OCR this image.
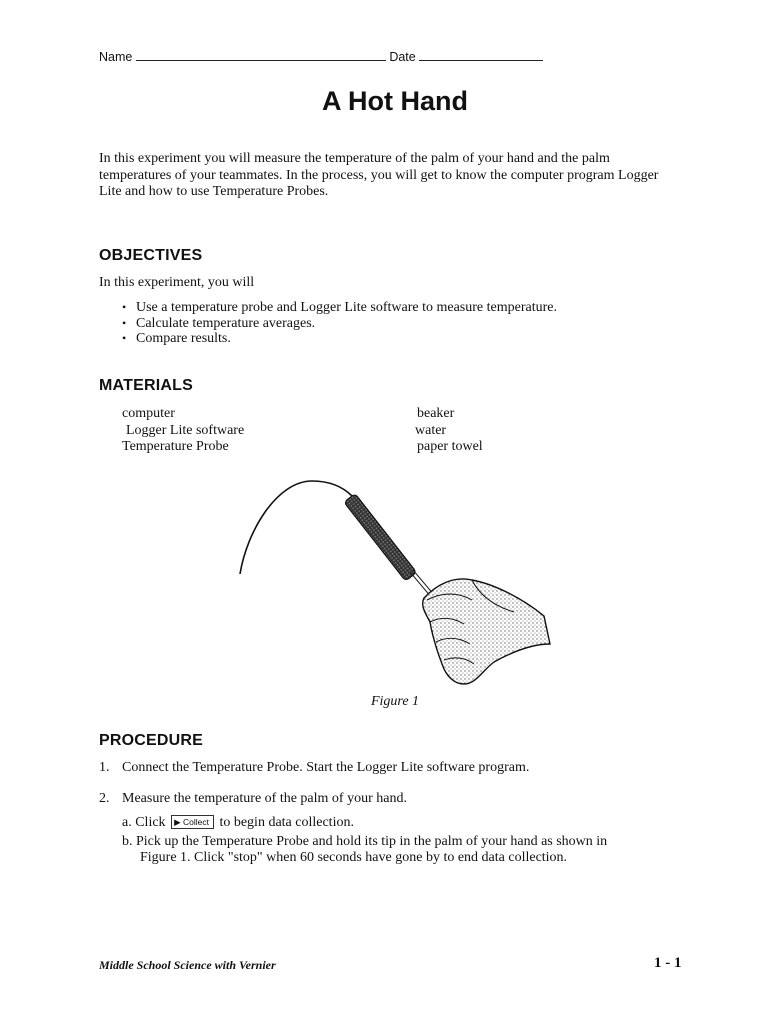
Name	Date
A Hot Hand
In this experiment you will measure the temperature of the palm of your hand and the palm temperatures of your teammates. In the process, you will get to know the computer program Logger Lite and how to use Temperature Probes.
OBJECTIVES
In this experiment, you will
• Use a temperature probe and Logger Lite software to measure temperature.
• Calculate temperature averages.
• Compare results.
MATERIALS
computer
Logger Lite software
Temperature Probe
beaker
water
paper towel
Figure 1
PROCEDURE
1. Connect the Temperature Probe. Start the Logger Lite software program.
2. Measure the temperature of the palm of your hand.
a. Click ▶ Collect to begin data collection.
b. Pick up the Temperature Probe and hold its tip in the palm of your hand as shown in
Figure 1. Click "stop" when 60 seconds have gone by to end data collection.
Middle School Science with Vernier	1 - 1
